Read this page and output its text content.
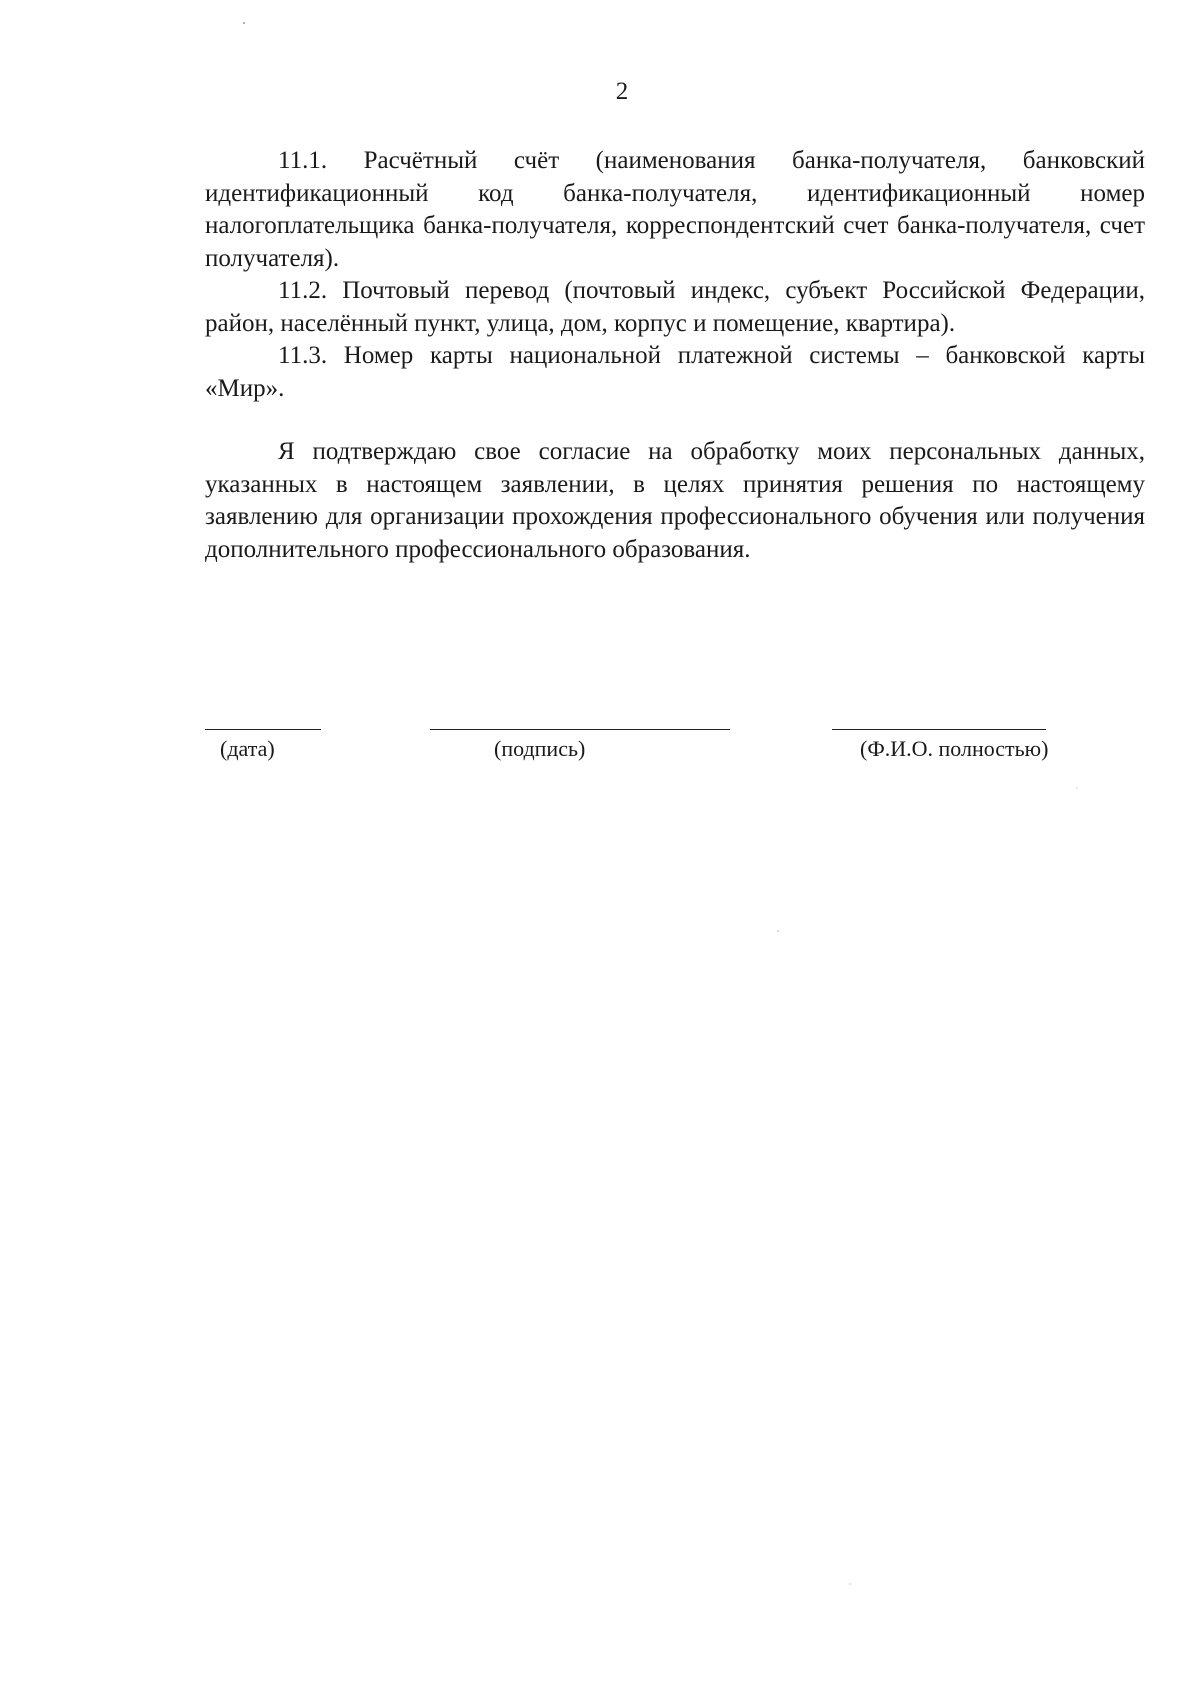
2

11.1. Расчётный счёт (наименования банка-получателя, банковский идентификационный код банка-получателя, идентификационный номер налогоплательщика банка-получателя, корреспондентский счет банка-получателя, счет получателя).

11.2. Почтовый перевод (почтовый индекс, субъект Российской Федерации, район, населённый пункт, улица, дом, корпус и помещение, квартира).

11.3. Номер карты национальной платежной системы – банковской карты «Мир».

Я подтверждаю свое согласие на обработку моих персональных данных, указанных в настоящем заявлении, в целях принятия решения по настоящему заявлению для организации прохождения профессионального обучения или получения дополнительного профессионального образования.

(дата)	(подпись)	(Ф.И.О. полностью)
